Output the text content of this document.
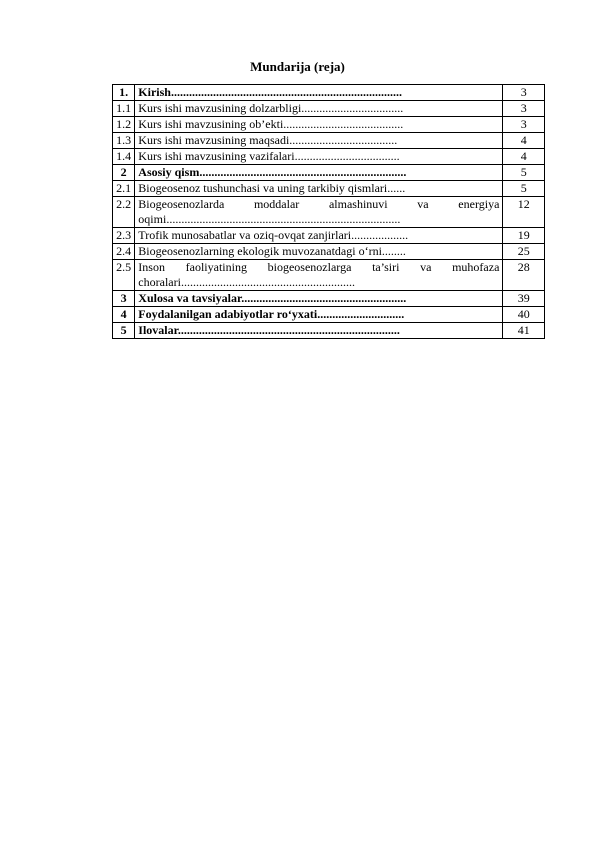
Mundarija (reja)
1.	Kirish.............................................................................	3
1.1	Kurs ishi mavzusining dolzarbligi..................................	3
1.2	Kurs ishi mavzusining ob’ekti........................................	3
1.3	Kurs ishi mavzusining maqsadi....................................	4
1.4	Kurs ishi mavzusining vazifalari...................................	4
2	Asosiy qism.....................................................................	5
2.1	Biogeosenoz tushunchasi va uning tarkibiy qismlari......	5
2.2	Biogeosenozlarda moddalar almashinuvi va energiya oqimi..............................................................................	12
2.3	Trofik munosabatlar va oziq-ovqat zanjirlari...................	19
2.4	Biogeosenozlarning ekologik muvozanatdagi o‘rni........	25
2.5	Inson faoliyatining biogeosenozlarga ta’siri va muhofaza choralari..........................................................	28
3	Xulosa va tavsiyalar.......................................................	39
4	Foydalanilgan adabiyotlar ro‘yxati.............................	40
5	Ilovalar..........................................................................	41
